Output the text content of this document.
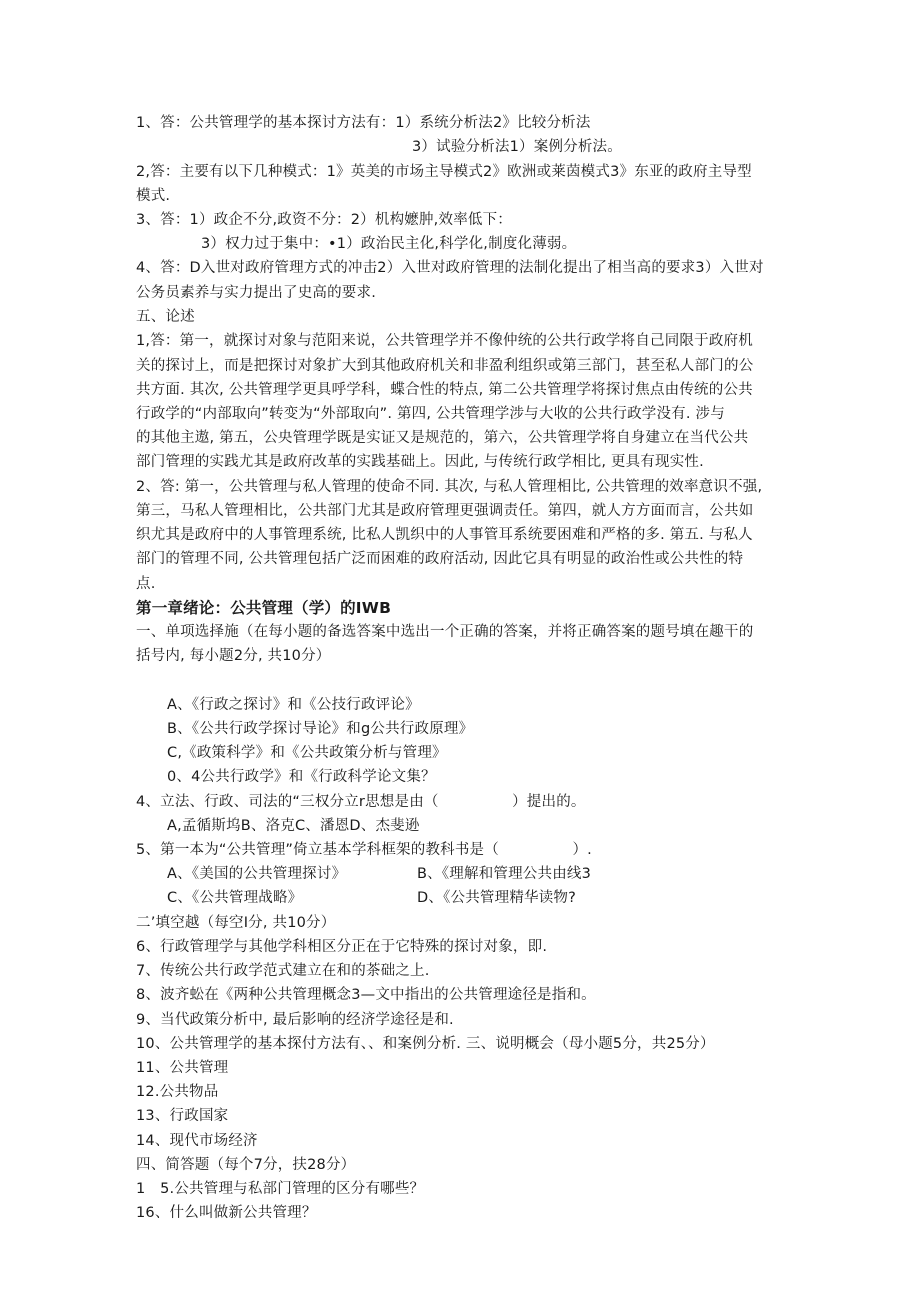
1、答：公共管理学的基本探讨方法有：1）系统分析法2》比较分析法
3）试验分析法1）案例分析法。
2,答：主要有以下几种模式：1》英美的市场主导模式2》欧洲或莱茵模式3》东亚的政府主导型
模式.
3、答：1）政企不分,政资不分：2）机构嬷肿,效率低下：
3）权力过于集中：•1）政治民主化,科学化,制度化薄弱。
4、答：D入世对政府管理方式的冲击2）入世对政府管理的法制化提出了相当高的要求3）入世对
公务员素养与实力提出了史高的要求.
五、论述
1,答：第一，就探讨对象与范阳来说，公共管理学并不像仲统的公共行政学将自己同限于政府机
关的探讨上，而是把探讨对象扩大到其他政府机关和非盈利组织或第三部门，甚至私人部门的公
共方面. 其次, 公共管理学更具呼学科，蝶合性的特点, 第二公共管理学将探讨焦点由传统的公共
行政学的“内部取向”转变为“外部取向”. 第四, 公共管理学涉与大收的公共行政学没有. 涉与
的其他主遨, 第五，公央管理学既是实证又是规范的，第六，公共管理学将自身建立在当代公共
部门管理的实践尤其是政府改革的实践基础上。因此, 与传统行政学相比, 更具有现实性.
2、答: 第一，公共管理与私人管理的使命不同. 其次, 与私人管理相比, 公共管理的效率意识不强,
第三，马私人管理相比，公共部门尤其是政府管理更强调责任。第四，就人方方面而言，公共如
织尤其是政府中的人事管理系统, 比私人凯织中的人事管耳系统要困难和严格的多. 第五. 与私人
部门的管理不同, 公共管理包括广泛而困难的政府活动, 因此它具有明显的政治性或公共性的特
点.
第一章绪论：公共管理（学）的IWB
一、单项选择施（在每小题的备选答案中选出一个正确的答案，并将正确答案的题号填在趣干的
括号内, 每小题2分, 共10分）
A、《行政之探讨》和《公技行政评论》
B、《公共行政学探讨导论》和g公共行政原理》
C,《政策科学》和《公共政策分析与管理》
0、4公共行政学》和《行政科学论文集？
4、立法、行政、司法的“三权分立r思想是由（　　　　　）提出的。
A,孟循斯坞B、洛克C、潘恩D、杰斐逊
5、第一本为“公共管理”倚立基本学科框架的教科书是（　　　　　）.
A、《美国的公共管理探讨》	B、《理解和管理公共由线3
C、《公共管理战略》	D、《公共管理精华读物?
二’填空越（每空I分, 共10分）
6、行政管理学与其他学科相区分正在于它特殊的探讨对象，即.
7、传统公共行政学范式建立在和的茶础之上.
8、波齐蚣在《两种公共管理概念3—文中指出的公共管理途径是指和。
9、当代政策分析中, 最后影响的经济学途径是和.
10、公共管理学的基本探付方法有、、和案例分析. 三、说明概会（母小题5分，共25分）
11、公共管理
12.公共物品
13、行政国家
14、现代市场经济
四、简答题（每个7分，扶28分）
1　5.公共管理与私部门管理的区分有哪些？
16、什么叫做新公共管理？
